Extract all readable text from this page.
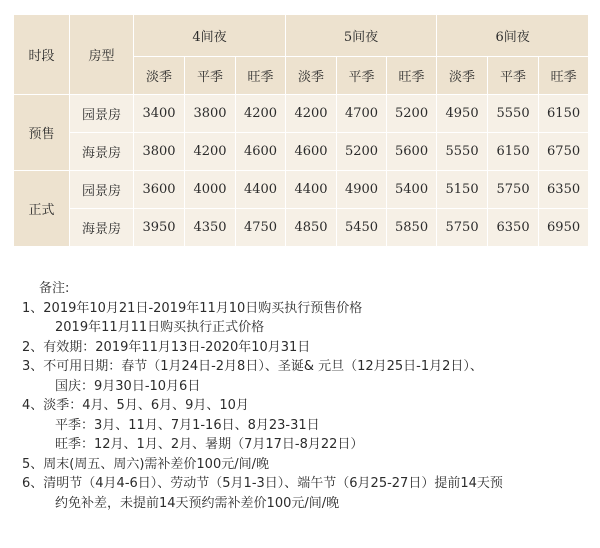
时段	房型	4间夜			5间夜			6间夜		
		淡季	平季	旺季	淡季	平季	旺季	淡季	平季	旺季
预售	园景房	3400	3800	4200	4200	4700	5200	4950	5550	6150
	海景房	3800	4200	4600	4600	5200	5600	5550	6150	6750
正式	园景房	3600	4000	4400	4400	4900	5400	5150	5750	6350
	海景房	3950	4350	4750	4850	5450	5850	5750	6350	6950
备注:
1、2019年10月21日-2019年11月10日购买执行预售价格
2019年11月11日购买执行正式价格
2、有效期：2019年11月13日-2020年10月31日
3、不可用日期：春节（1月24日-2月8日）、圣诞& 元旦（12月25日-1月2日）、
国庆：9月30日-10月6日
4、淡季：4月、5月、6月、9月、10月
平季：3月、11月、7月1-16日、8月23-31日
旺季：12月、1月、2月、暑期（7月17日-8月22日）
5、周末(周五、周六)需补差价100元/间/晚
6、清明节（4月4-6日）、劳动节（5月1-3日）、端午节（6月25-27日）提前14天预
约免补差，未提前14天预约需补差价100元/间/晚
